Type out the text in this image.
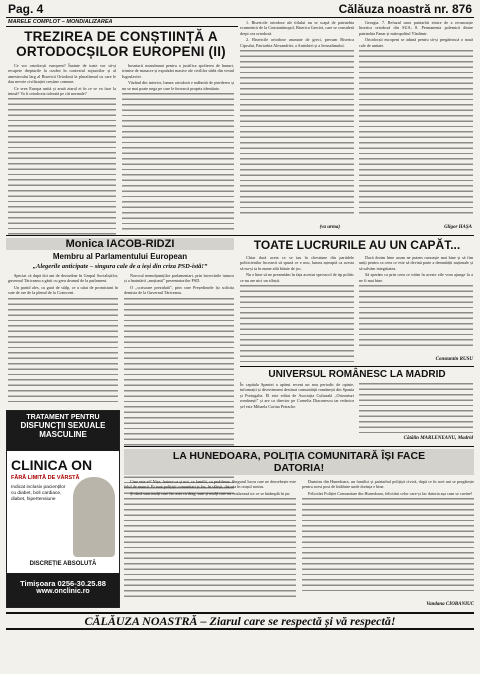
Pag. 4	Călăuza noastră nr. 876
MARELE COMPLOT – MONDIALIZAREA
TREZIREA DE CONȘTIINȚĂ A ORTODOCȘILOR EUROPENI (II)

Ce vor ortodocșii europeni? Înainte de toate vor să-și recapete drepturile la cuvânt în contextul sujsuirilor și al amestecului larg al Bisericii Ortodoxă la pluralismul cu care le dau nevoie civilizației creștine comune.

Ce vrea Europa unită și arată ziarul ei în ce se va face la inimă? Va fi ortodoxia tolerată pe căi normale?

bosniacii musulmani pentru a justifica spolierea de bunuri, trimise de masacre și expulzări masive ale civililor sârbi din vestul Iugoslaviei.

Văzând din interior, lumea ortodoxă e mâhnită de pierderea și nu se mai poate nega pe care le încearcă propria identitate.

1. Bisericile ortodoxe ale titlului nu se scapă de patriarhia ecumenică de la Constantinopol, Biserica Greciei, care se consideră drept cea ortodoxă.

2. Bisericile ortodoxe asumate de greci, precum Biserica Ciprului, Patriarhia Alexandriei, a Antiohiei și a Ierusalimului.

Georgia. 7. Refuzul unor patriarhii etnice de a recunoaște biserica ortodoxă din SUA; 8. Permanenta polemică dintre patriarhia Fanar și mitropolitul Vladimir.

Ortodocșii europeni se adună pentru să-și pregătească o nouă cale de unitate.

(va urma)	Gligor HAȘA
Monica IACOB-RIDZI
Membru al Parlamentului European
„Alegerile anticipate – singura cale de a ieși din criza PSD-istă!”

Spectat că după doi ani de dezordine în Grupul Socialiștilor, guvernul Tăriceanu a găsit cu greu drumul de la parlament.

Un partid ales, cu gură de stâlp, ce a uitat de promisiuni în sute de ore de la plenul de la Cotroceni.

Norocul nemulțumiților parlamentari, prin încercările tuturor și a înaintării „moțiunii” prezentatorilor PSD.

O ,,scrisoare prezidată”, prin care Președintele își solicita demisia de la Guvernul Tăriceanu.

TRATAMENT PENTRU
DISFUNCȚII SEXUALE
MASCULINE
CLINICA ON
FĂRĂ LIMITĂ DE VÂRSTĂ
Indicat inclusiv pacienților cu diabet, boli cardiace, diabet, hipertensiune
DISCREȚIE ABSOLUTĂ
Timișoara 0256-30.25.88
www.onclinic.ro
TOATE LUCRURILE AU UN CAPĂT...

Chiar dacă aceia ce se iau în chestiune din partidele politicienilor încearcă să spună ce e nou, lumea așteaptă ca acesta să nu-și ia în nume altă bătaie de joc.

Nu e bine să ne prezentăm în fața acestui spectacol de tip politic ce nu are nici un sfârșit.

Dacă dorim bine acum ne putem cunoaște mai bine și să fim uniți pentru ca ceea ce este să devină parte a demnității naționale și să salvăm integritatea.

Să sperăm ca prin ceea ce trăim în aceste zile vom ajunge la a ne fi mai bine.

Constantin RUSU
UNIVERSUL ROMÂNESC LA MADRID
În capitala Spaniei a apărut recent un nou periodic de opinie, informații și divertisment destinat comunității românești din Spania și Portugalia. El este editat de Asociația Culturală ,,Orizonturi românești” și are ca director pe Cornelia Diaconescu iar redactor șef este Mihaela Corina Petrache.
Cătălin MARLENEANU, Madrid
LA HUNEDOARA, POLIȚIA COMUNITARĂ ÎȘI FACE DATORIA!

Cine este ei? Nișe, fratere ca și noi, ca familii, ca probleme. Singurul lucru care ne deosebește este felul de muncă. Ei sunt polițiști comunitari și fac, în sfârșit, datoria în orașul nostru.

Și dacă sunt mulți care fac asta cu drag, sunt și mulți care nu realizează tot ce se întâmplă în jur.

Dumitru din Hunedoara, un familist și patriarhul polițiști civică, după ce în acei ani se pregătește pentru acest post de întâlnire unde dorința e bine.

Felicitări Poliției Comunitare din Hunedoara, felicitări celor care-și fac datoria așa cum se cuvine!

Vandana CIOBANIUC
CĂLĂUZA NOASTRĂ – Ziarul care se respectă și vă respectă!
